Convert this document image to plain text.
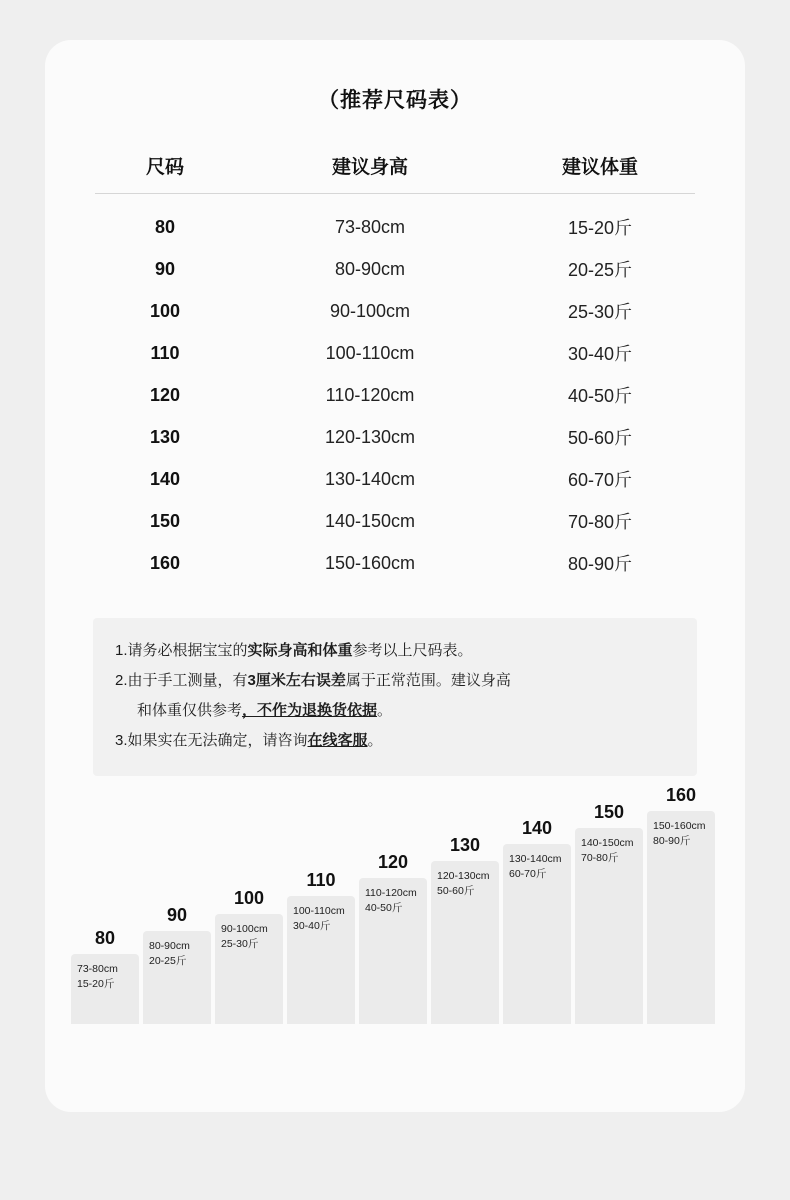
（推荐尺码表）
尺码	建议身高	建议体重
80	73-80cm	15-20斤
90	80-90cm	20-25斤
100	90-100cm	25-30斤
110	100-110cm	30-40斤
120	110-120cm	40-50斤
130	120-130cm	50-60斤
140	130-140cm	60-70斤
150	140-150cm	70-80斤
160	150-160cm	80-90斤
1.请务必根据宝宝的实际身高和体重参考以上尺码表。
2.由于手工测量，有3厘米左右误差属于正常范围。建议身高
和体重仅供参考，不作为退换货依据。
3.如果实在无法确定，请咨询在线客服。
80
73-80cm
15-20斤
90
80-90cm
20-25斤
100
90-100cm
25-30斤
110
100-110cm
30-40斤
120
110-120cm
40-50斤
130
120-130cm
50-60斤
140
130-140cm
60-70斤
150
140-150cm
70-80斤
160
150-160cm
80-90斤
